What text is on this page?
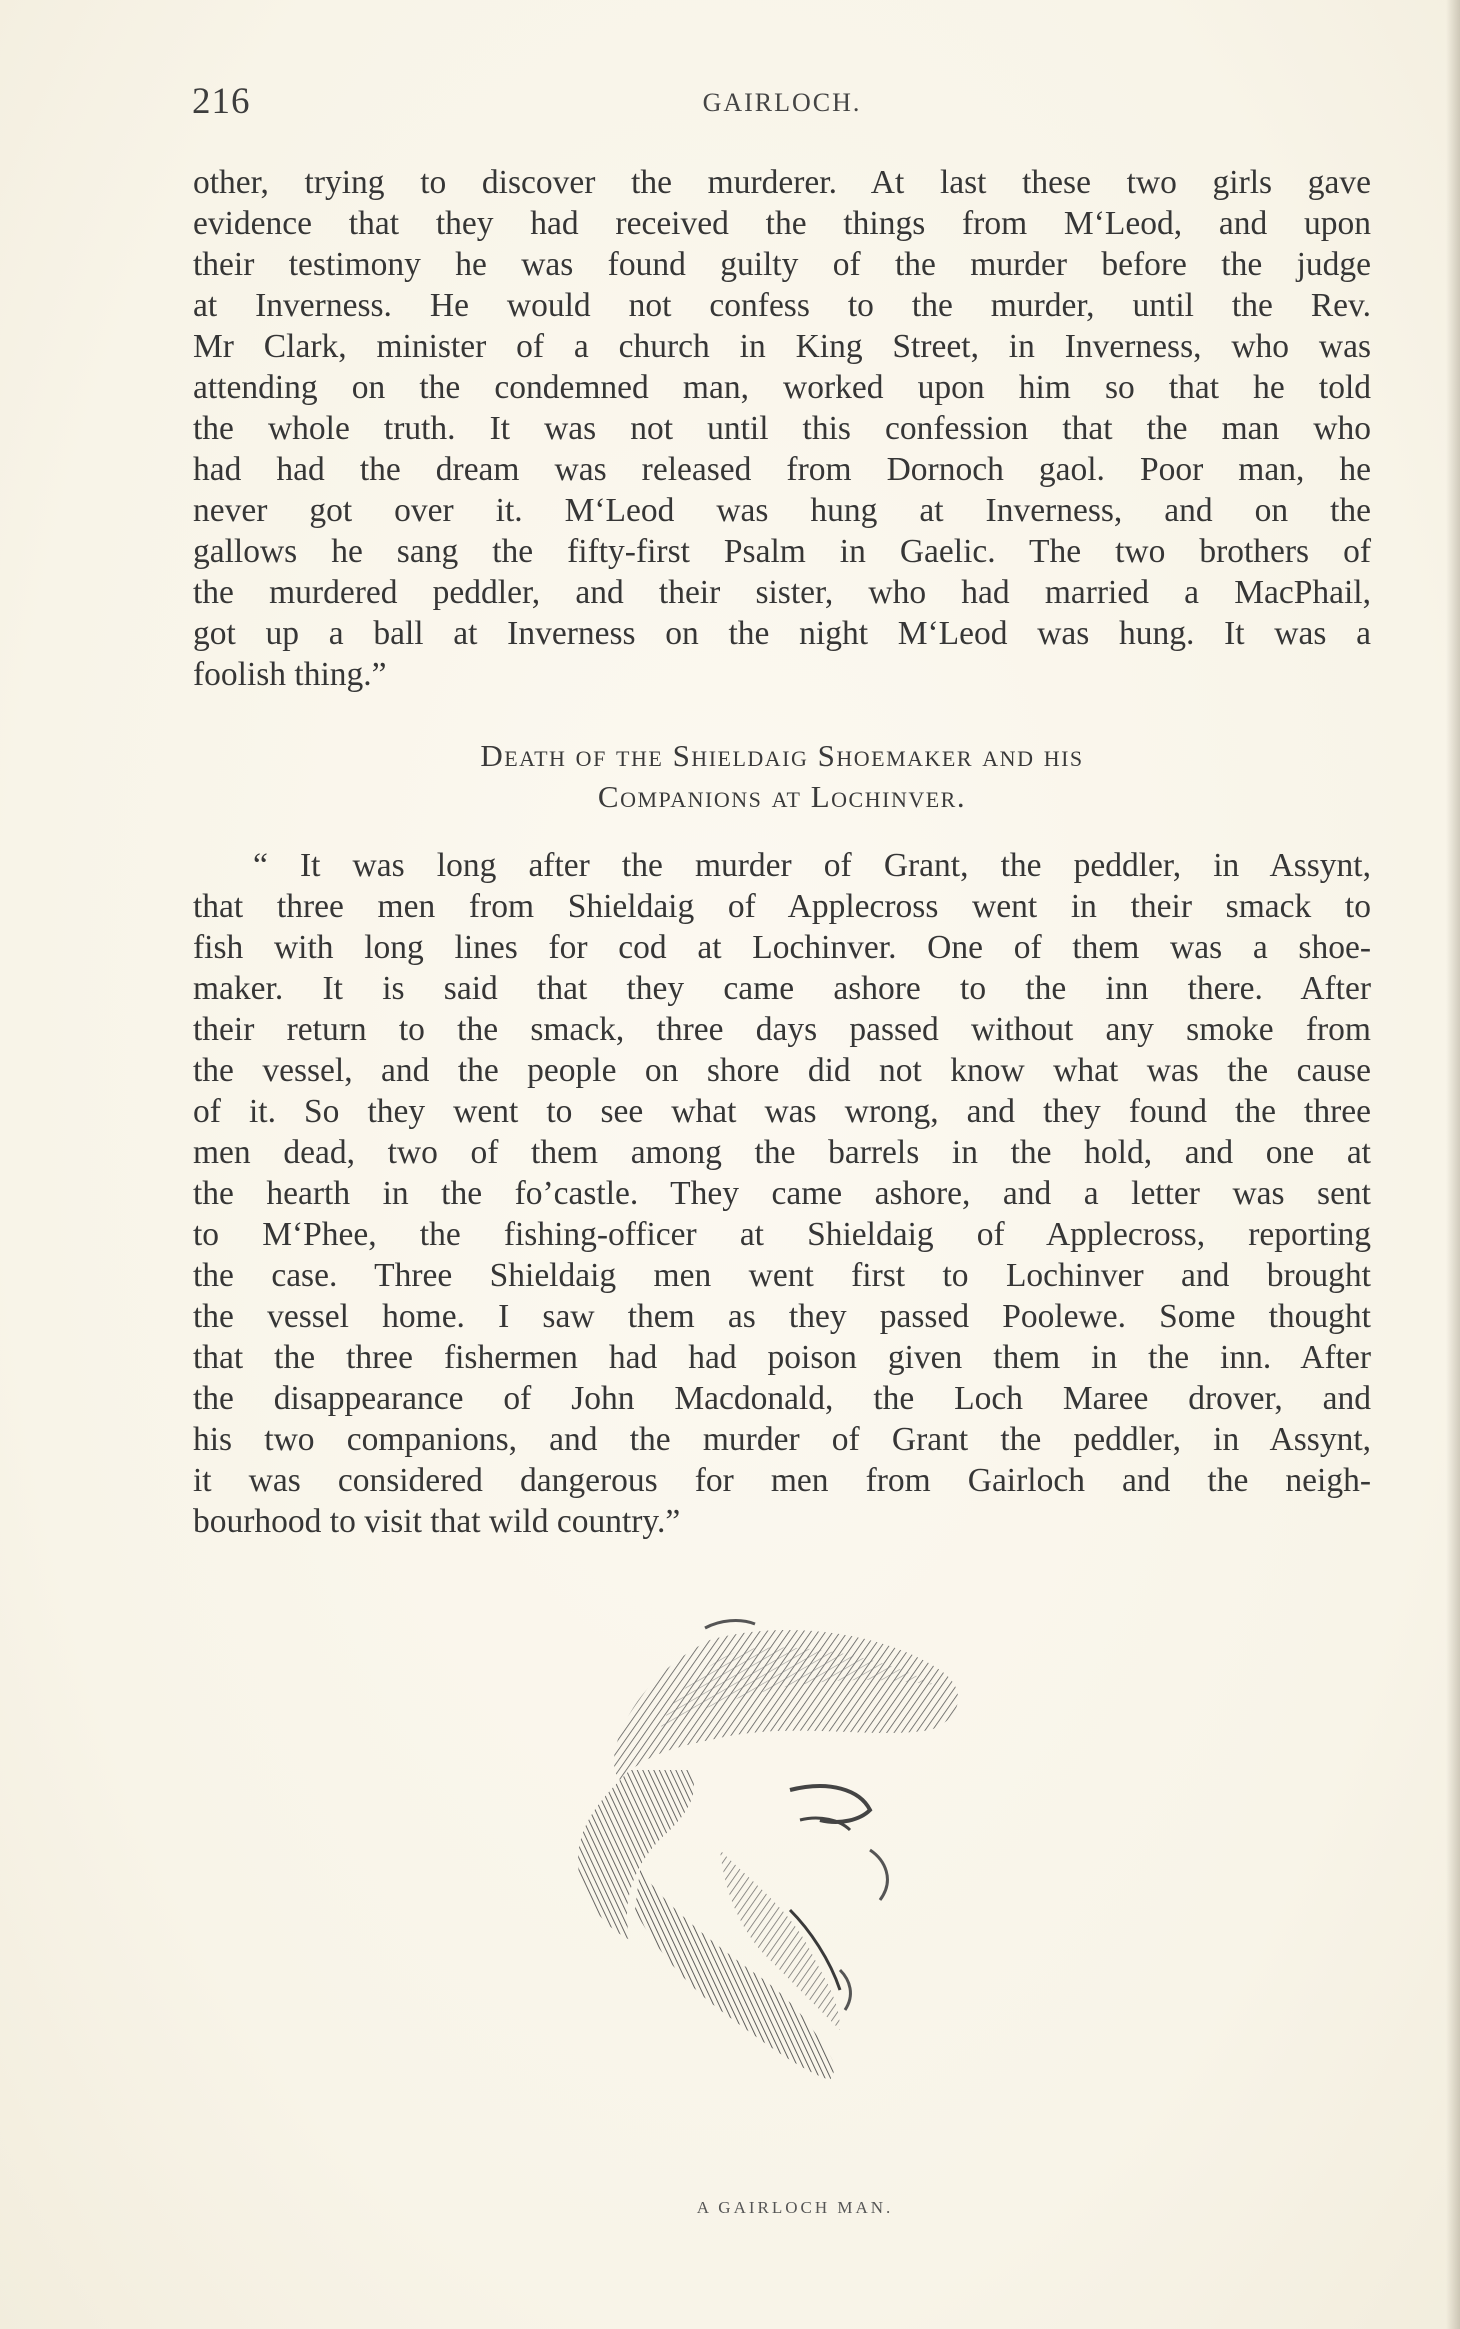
216	GAIRLOCH.
other, trying to discover the murderer. At last these two girls gave
evidence that they had received the things from M‘Leod, and upon
their testimony he was found guilty of the murder before the judge
at Inverness. He would not confess to the murder, until the Rev.
Mr Clark, minister of a church in King Street, in Inverness, who was
attending on the condemned man, worked upon him so that he told
the whole truth. It was not until this confession that the man who
had had the dream was released from Dornoch gaol. Poor man, he
never got over it. M‘Leod was hung at Inverness, and on the
gallows he sang the fifty-first Psalm in Gaelic. The two brothers of
the murdered peddler, and their sister, who had married a MacPhail,
got up a ball at Inverness on the night M‘Leod was hung. It was a
foolish thing.”
Death of the Shieldaig Shoemaker and his
Companions at Lochinver.
“ It was long after the murder of Grant, the peddler, in Assynt,
that three men from Shieldaig of Applecross went in their smack to
fish with long lines for cod at Lochinver. One of them was a shoe-
maker. It is said that they came ashore to the inn there. After
their return to the smack, three days passed without any smoke from
the vessel, and the people on shore did not know what was the cause
of it. So they went to see what was wrong, and they found the three
men dead, two of them among the barrels in the hold, and one at
the hearth in the fo’castle. They came ashore, and a letter was sent
to M‘Phee, the fishing-officer at Shieldaig of Applecross, reporting
the case. Three Shieldaig men went first to Lochinver and brought
the vessel home. I saw them as they passed Poolewe. Some thought
that the three fishermen had had poison given them in the inn. After
the disappearance of John Macdonald, the Loch Maree drover, and
his two companions, and the murder of Grant the peddler, in Assynt,
it was considered dangerous for men from Gairloch and the neigh-
bourhood to visit that wild country.”
A GAIRLOCH MAN.
